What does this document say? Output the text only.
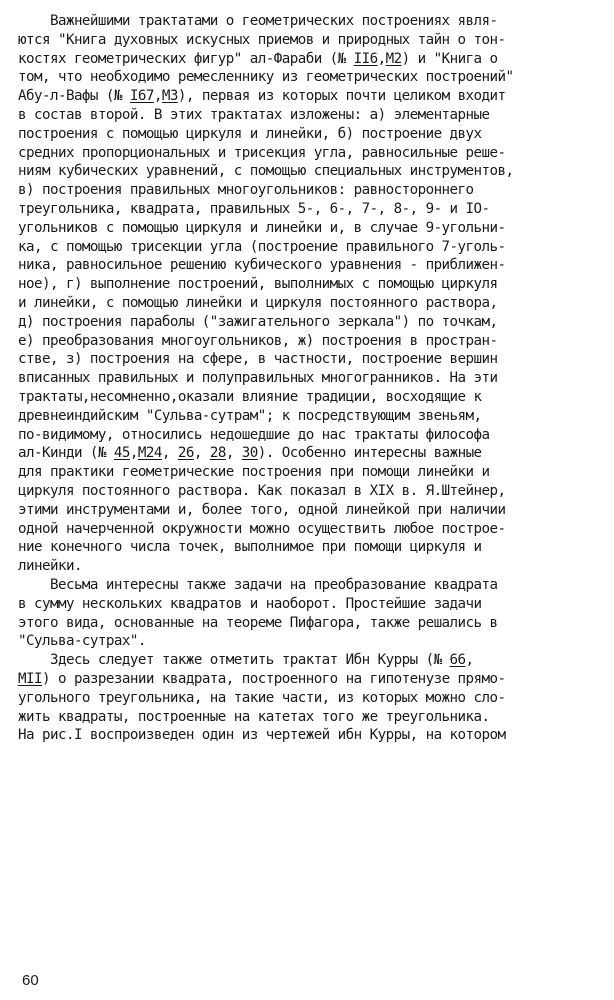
Важнейшими трактатами о геометрических построениях явля-
ются "Книга духовных искусных приемов и природных тайн о тон-
костях геометрических фигур" ал-Фараби (№ II6,М2) и "Книга о
том, что необходимо ремесленнику из геометрических построений"
Абу-л-Вафы (№ I67,М3), первая из которых почти целиком входит
в состав второй. В этих трактатах изложены: а) элементарные
построения с помощью циркуля и линейки, б) построение двух
средних пропорциональных и трисекция угла, равносильные реше-
ниям кубических уравнений, с помощью специальных инструментов,
в) построения правильных многоугольников: равностороннего
треугольника, квадрата, правильных 5-, 6-, 7-, 8-, 9- и IO-
угольников с помощью циркуля и линейки и, в случае 9-угольни-
ка, с помощью трисекции угла (построение правильного 7-уголь-
ника, равносильное решению кубического уравнения - приближен-
ное), г) выполнение построений, выполнимых с помощью циркуля
и линейки, с помощью линейки и циркуля постоянного раствора,
д) построения параболы ("зажигательного зеркала") по точкам,
е) преобразования многоугольников, ж) построения в простран-
стве, з) построения на сфере, в частности, построение вершин
вписанных правильных и полуправильных многогранников. На эти
трактаты,несомненно,оказали влияние традиции, восходящие к
древнеиндийским "Сульва-сутрам"; к посредствующим звеньям,
по-видимому, относились недошедшие до нас трактаты философа
ал-Кинди (№ 45,М24, 26, 28, 30). Особенно интересны важные
для практики геометрические построения при помощи линейки и
циркуля постоянного раствора. Как показал в XIX в. Я.Штейнер,
этими инструментами и, более того, одной линейкой при наличии
одной начерченной окружности можно осуществить любое построе-
ние конечного числа точек, выполнимое при помощи циркуля и
линейки.
Весьма интересны также задачи на преобразование квадрата
в сумму нескольких квадратов и наоборот. Простейшие задачи
этого вида, основанные на теореме Пифагора, также решались в
"Сульва-сутрах".
Здесь следует также отметить трактат Ибн Курры (№ 66,
МII) о разрезании квадрата, построенного на гипотенузе прямо-
угольного треугольника, на такие части, из которых можно сло-
жить квадраты, построенные на катетах того же треугольника.
На рис.I воспроизведен один из чертежей ибн Курры, на котором
60
